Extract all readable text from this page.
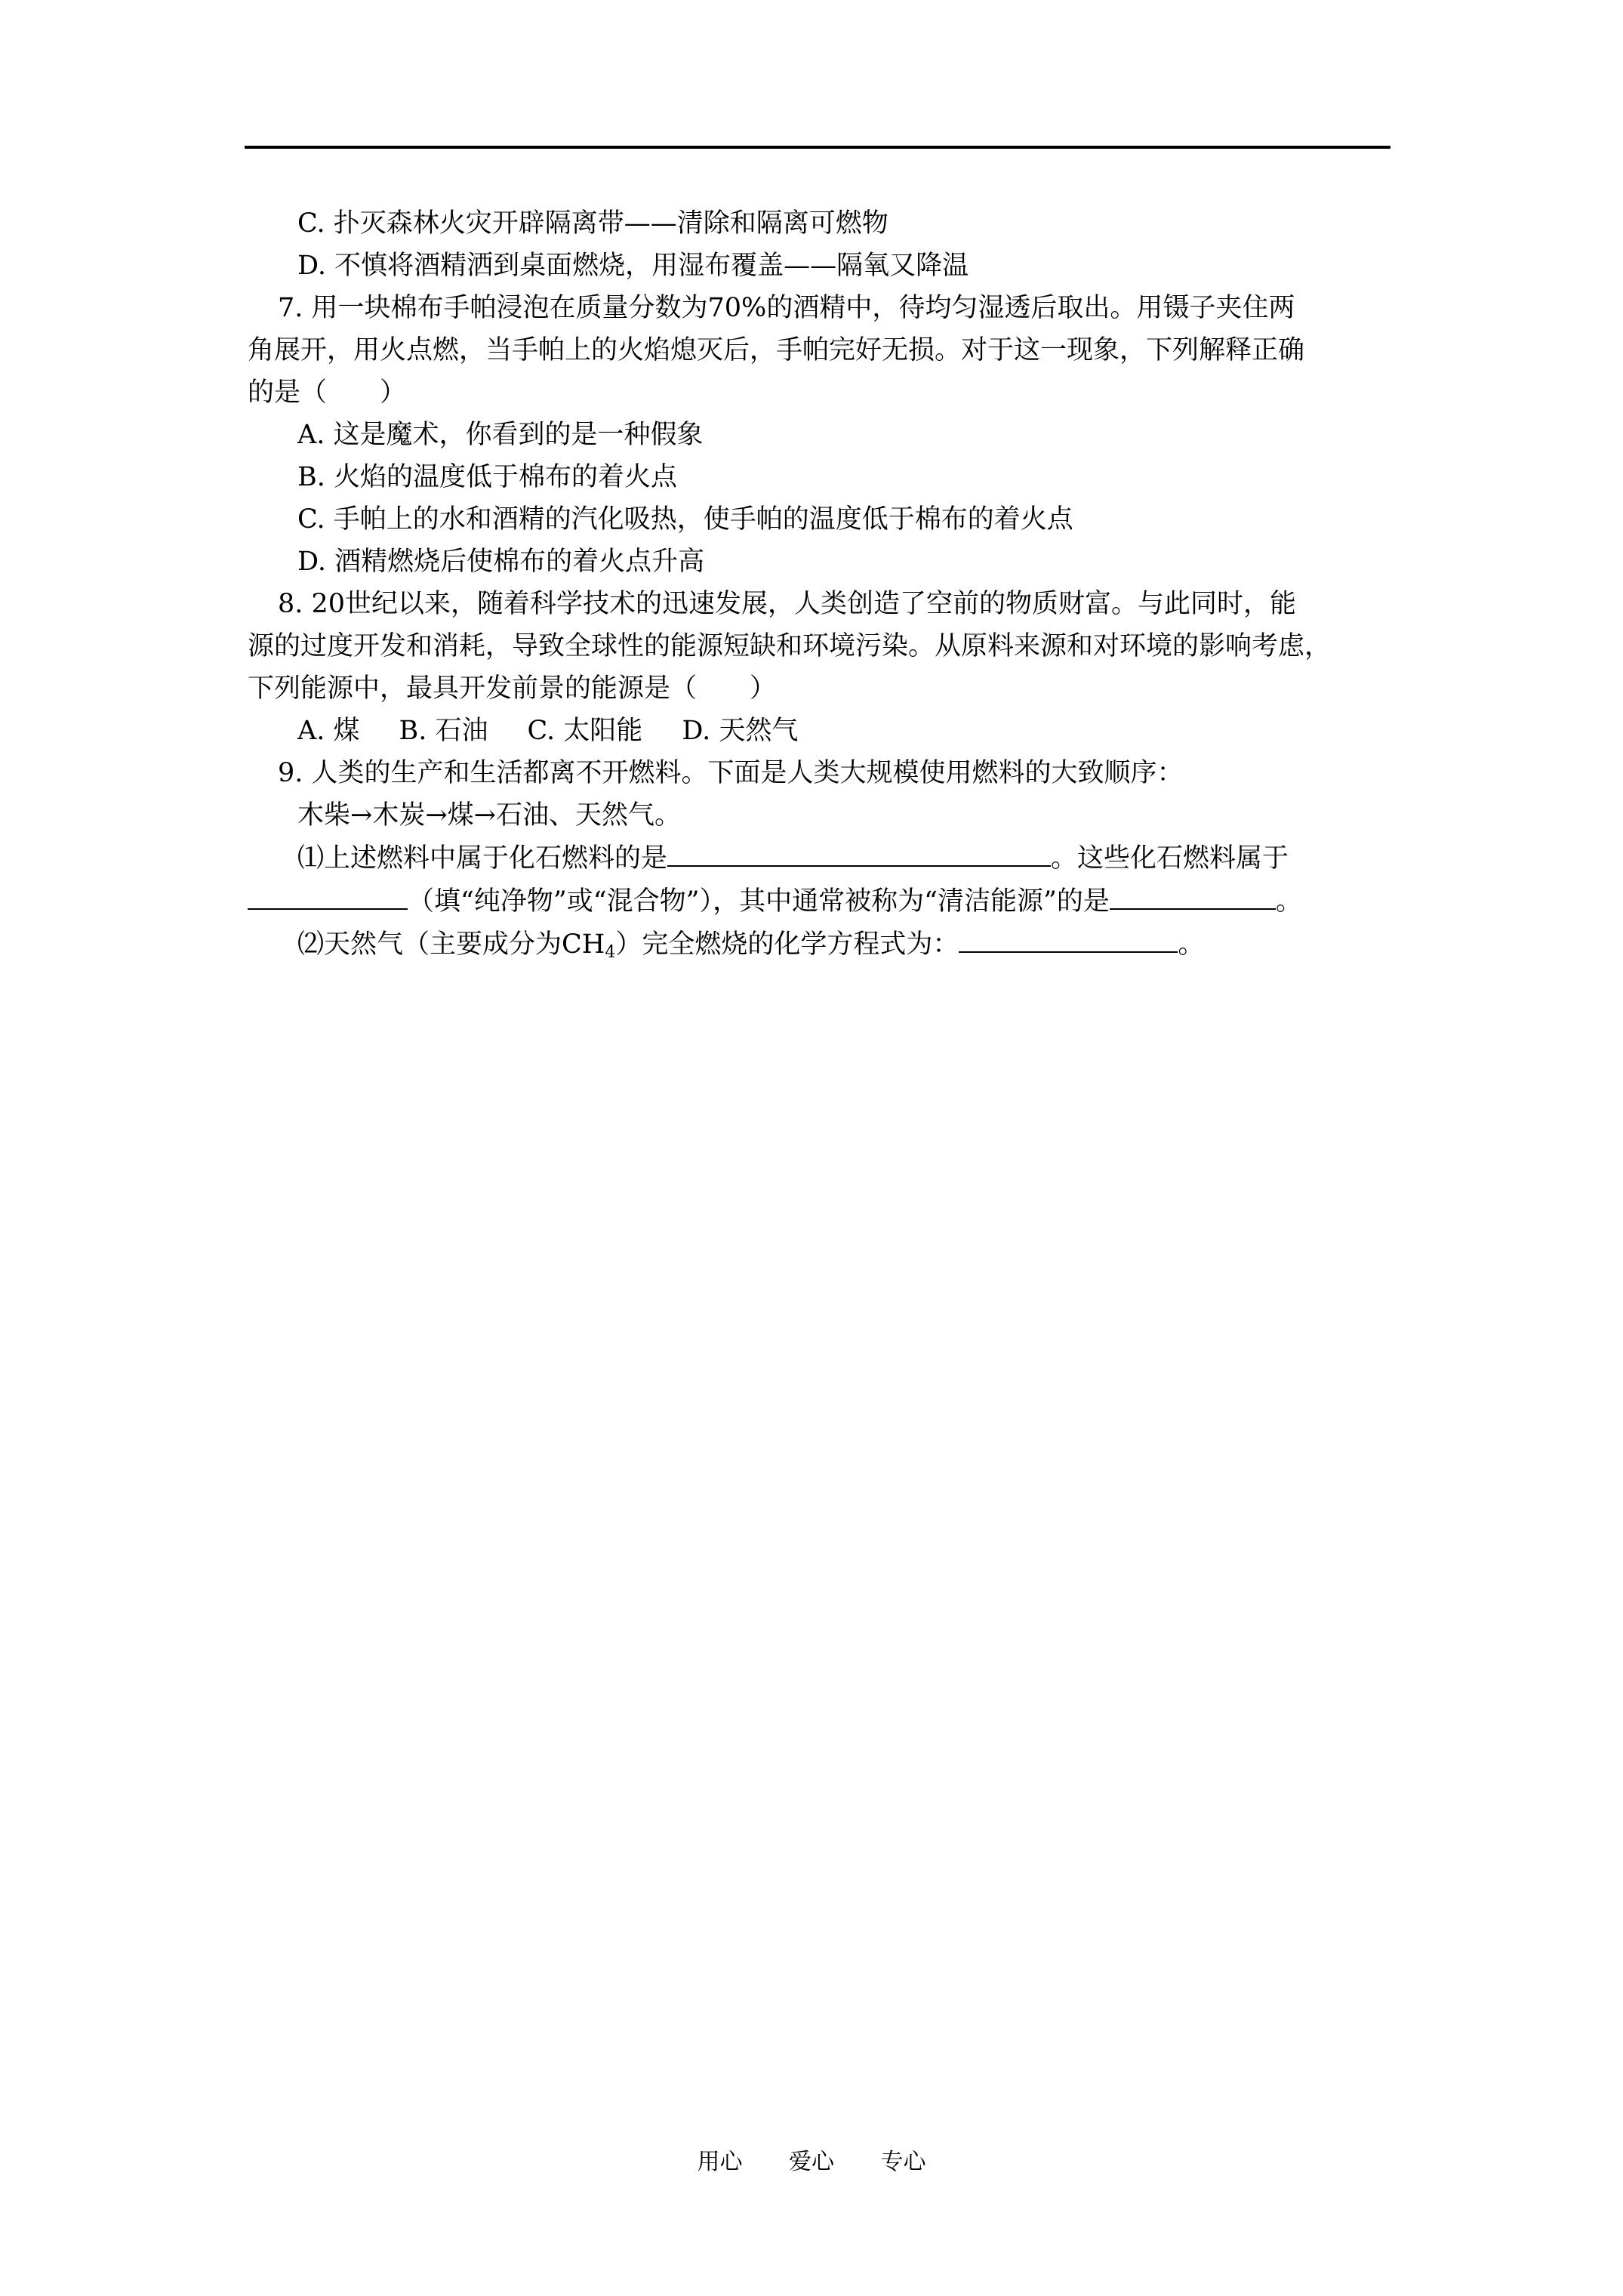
C. 扑灭森林火灾开辟隔离带——清除和隔离可燃物
D. 不慎将酒精洒到桌面燃烧，用湿布覆盖——隔氧又降温
7. 用一块棉布手帕浸泡在质量分数为70%的酒精中，待均匀湿透后取出。用镊子夹住两
角展开，用火点燃，当手帕上的火焰熄灭后，手帕完好无损。对于这一现象，下列解释正确
的是（　　）
A. 这是魔术，你看到的是一种假象
B. 火焰的温度低于棉布的着火点
C. 手帕上的水和酒精的汽化吸热，使手帕的温度低于棉布的着火点
D. 酒精燃烧后使棉布的着火点升高
8. 20世纪以来，随着科学技术的迅速发展，人类创造了空前的物质财富。与此同时，能
源的过度开发和消耗，导致全球性的能源短缺和环境污染。从原料来源和对环境的影响考虑，
下列能源中，最具开发前景的能源是（　　）
A. 煤 B. 石油 C. 太阳能 D. 天然气
9. 人类的生产和生活都离不开燃料。下面是人类大规模使用燃料的大致顺序：
木柴→木炭→煤→石油、天然气。
⑴上述燃料中属于化石燃料的是	。这些化石燃料属于
（填“纯净物”或“混合物”），其中通常被称为“清洁能源”的是	。
⑵天然气（主要成分为$CH_4$）完全燃烧的化学方程式为：	。
用心 爱心 专心
